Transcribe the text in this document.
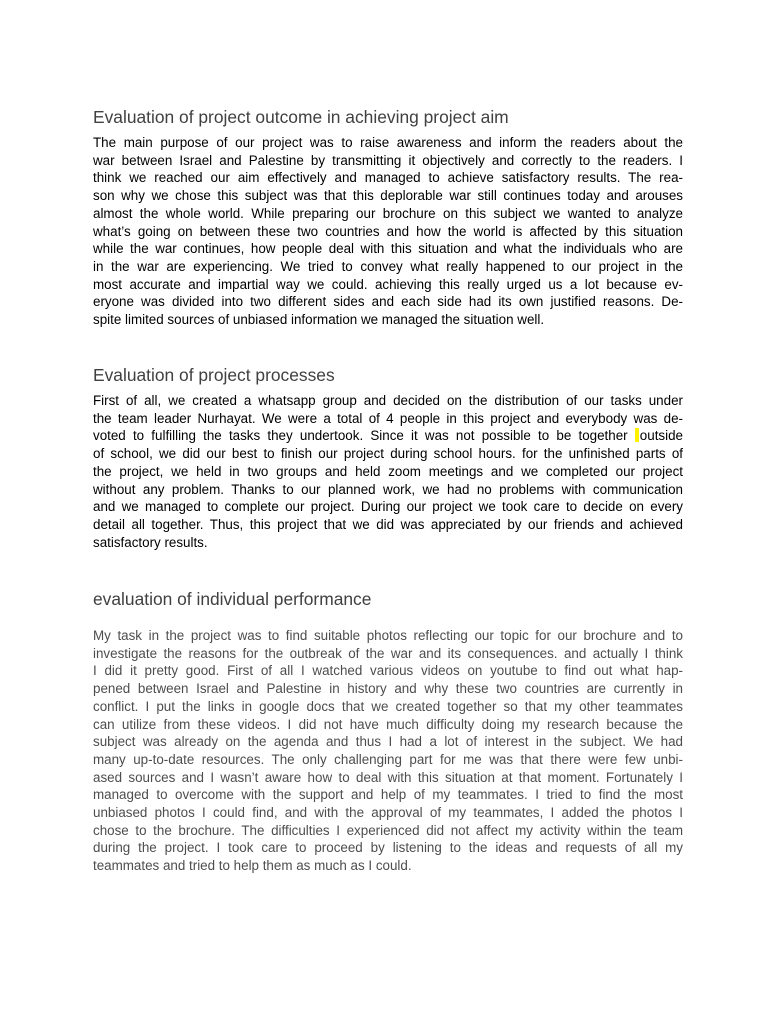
Evaluation of project outcome in achieving project aim
The main purpose of our project was to raise awareness and inform the readers about the
war between Israel and Palestine by transmitting it objectively and correctly to the readers. I
think we reached our aim effectively and managed to achieve satisfactory results. The rea-
son why we chose this subject was that this deplorable war still continues today and arouses
almost the whole world. While preparing our brochure on this subject we wanted to analyze
what’s going on between these two countries and how the world is affected by this situation
while the war continues, how people deal with this situation and what the individuals who are
in the war are experiencing. We tried to convey what really happened to our project in the
most accurate and impartial way we could. achieving this really urged us a lot because ev-
eryone was divided into two different sides and each side had its own justified reasons. De-
spite limited sources of unbiased information we managed the situation well.
Evaluation of project processes
First of all, we created a whatsapp group and decided on the distribution of our tasks under
the team leader Nurhayat. We were a total of 4 people in this project and everybody was de-
voted to fulfilling the tasks they undertook. Since it was not possible to be together outside
of school, we did our best to finish our project during school hours. for the unfinished parts of
the project, we held in two groups and held zoom meetings and we completed our project
without any problem. Thanks to our planned work, we had no problems with communication
and we managed to complete our project. During our project we took care to decide on every
detail all together. Thus, this project that we did was appreciated by our friends and achieved
satisfactory results.
evaluation of individual performance
My task in the project was to find suitable photos reflecting our topic for our brochure and to
investigate the reasons for the outbreak of the war and its consequences. and actually I think
I did it pretty good. First of all I watched various videos on youtube to find out what hap-
pened between Israel and Palestine in history and why these two countries are currently in
conflict. I put the links in google docs that we created together so that my other teammates
can utilize from these videos. I did not have much difficulty doing my research because the
subject was already on the agenda and thus I had a lot of interest in the subject. We had
many up-to-date resources. The only challenging part for me was that there were few unbi-
ased sources and I wasn’t aware how to deal with this situation at that moment. Fortunately I
managed to overcome with the support and help of my teammates. I tried to find the most
unbiased photos I could find, and with the approval of my teammates, I added the photos I
chose to the brochure. The difficulties I experienced did not affect my activity within the team
during the project. I took care to proceed by listening to the ideas and requests of all my
teammates and tried to help them as much as I could.
